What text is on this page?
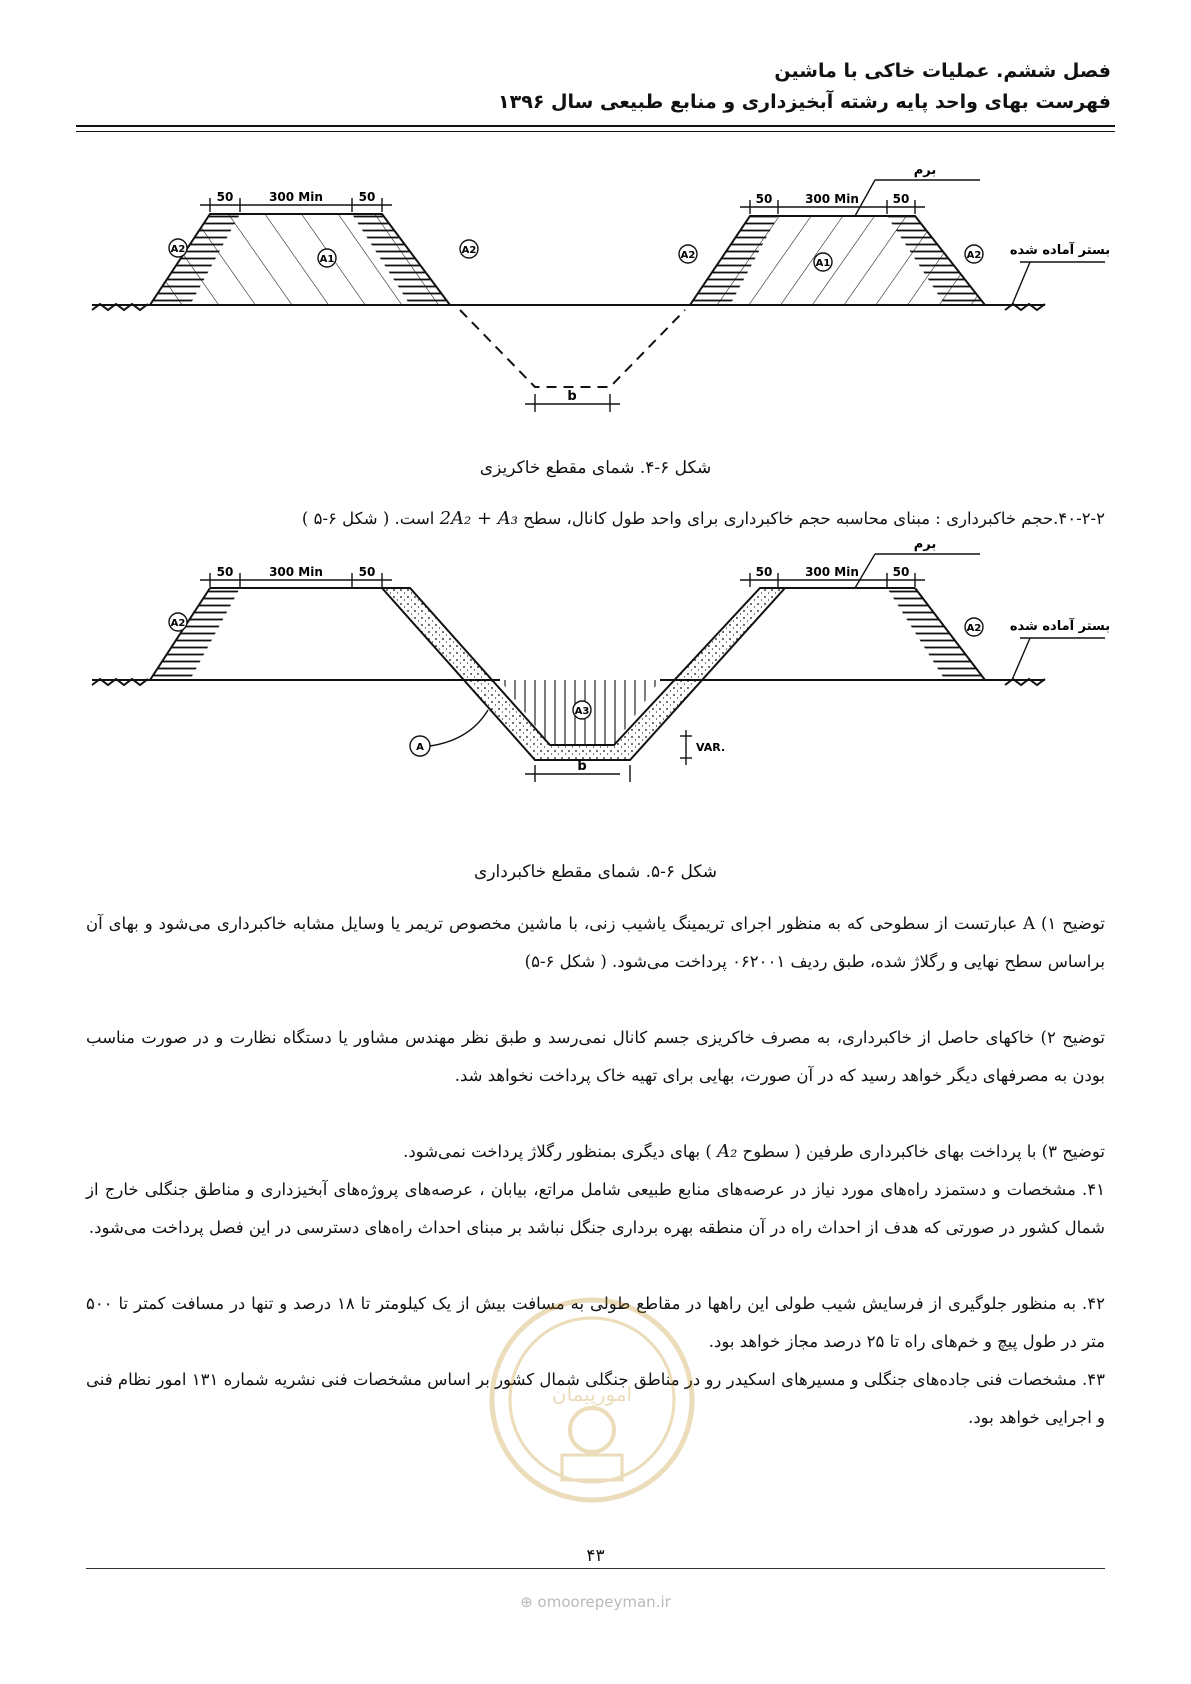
فصل ششم. عملیات خاکی با ماشین
فهرست بهای واحد پایه رشته آبخیزداری و منابع طبیعی سال ۱۳۹۶
b
50	300 Min	50	50	300 Min	50
برم
بستر آماده شده
A2
A1
A2	A2
A1
A2
شکل ۶-۴. شمای مقطع خاکریزی
۴۰-۲-۲.حجم خاکبرداری : مبنای محاسبه حجم خاکبرداری برای واحد طول کانال، سطح 2A₂ + A₃ است. ( شکل ۶-۵ )
50	300 Min	50	50	300 Min	50
برم
بستر آماده شده
A	VAR.
b
A2
A3
A2
شکل ۶-۵. شمای مقطع خاکبرداری
توضیح ۱) A عبارتست از سطوحی که به منظور اجرای تریمینگ یاشیب زنی، با ماشین مخصوص تریمر یا وسایل مشابه خاکبرداری می‌شود و بهای آن براساس سطح نهایی و رگلاژ شده، طبق ردیف ۰۶۲۰۰۱ پرداخت می‌شود. ( شکل ۶-۵)
توضیح ۲) خاکهای حاصل از خاکبرداری، به مصرف خاکریزی جسم کانال نمی‌رسد و طبق نظر مهندس مشاور یا دستگاه نظارت و در صورت مناسب بودن به مصرفهای دیگر خواهد رسید که در آن صورت، بهایی برای تهیه خاک پرداخت نخواهد شد.
توضیح ۳) با پرداخت بهای خاکبرداری طرفین ( سطوح A₂ ) بهای دیگری بمنظور رگلاژ پرداخت نمی‌شود.
۴۱. مشخصات و دستمزد راه‌های مورد نیاز در عرصه‌های منابع طبیعی شامل مراتع، بیابان ، عرصه‌های پروژه‌های آبخیزداری و مناطق جنگلی خارج از شمال کشور در صورتی که هدف از احداث راه در آن منطقه بهره برداری جنگل نباشد بر مبنای احداث راه‌های دسترسی در این فصل پرداخت می‌شود.
۴۲. به منظور جلوگیری از فرسایش شیب طولی این راهها در مقاطع طولی به مسافت بیش از یک کیلومتر تا ۱۸ درصد و تنها در مسافت کمتر تا ۵۰۰ متر در طول پیچ و خم‌های راه تا ۲۵ درصد مجاز خواهد بود.
۴۳. مشخصات فنی جاده‌های جنگلی و مسیرهای اسکیدر رو در مناطق جنگلی شمال کشور بر اساس مشخصات فنی نشریه شماره ۱۳۱ امور نظام فنی و اجرایی خواهد بود.
امورپیمان
۴۳
⊕ omoorepeyman.ir
